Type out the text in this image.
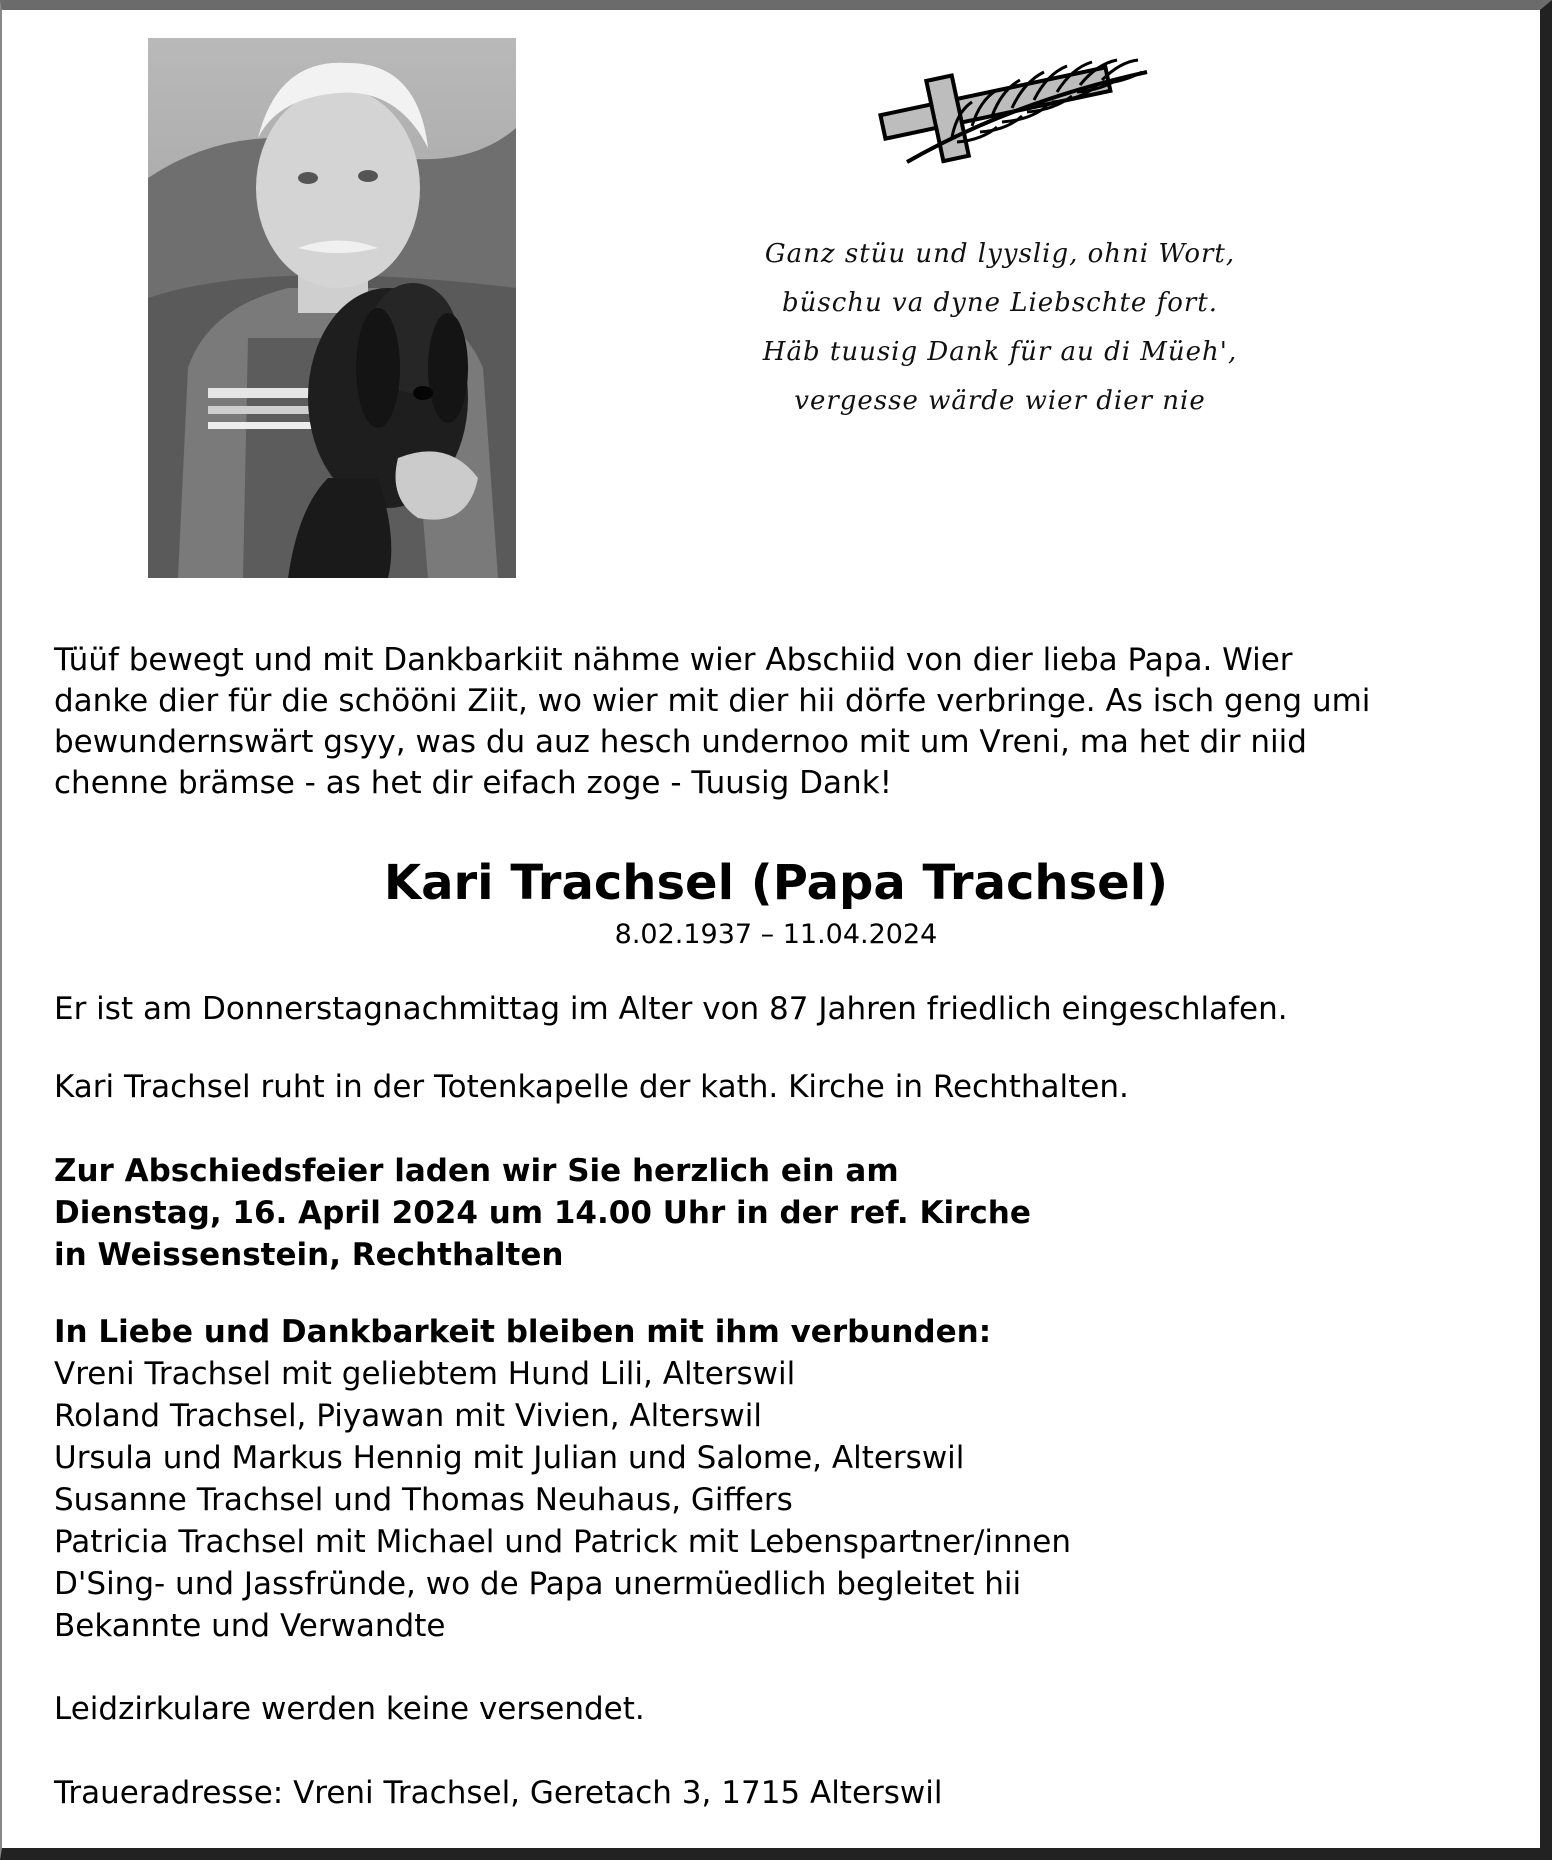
Ganz stüu und lyyslig, ohni Wort,
büschu va dyne Liebschte fort.
Häb tuusig Dank für au di Müeh',
vergesse wärde wier dier nie
Tüüf bewegt und mit Dankbarkiit nähme wier Abschiid von dier lieba Papa. Wier
danke dier für die schööni Ziit, wo wier mit dier hii dörfe verbringe. As isch geng umi
bewundernswärt gsyy, was du auz hesch undernoo mit um Vreni, ma het dir niid
chenne brämse - as het dir eifach zoge - Tuusig Dank!
Kari Trachsel (Papa Trachsel)
8.02.1937 – 11.04.2024
Er ist am Donnerstagnachmittag im Alter von 87 Jahren friedlich eingeschlafen.
Kari Trachsel ruht in der Totenkapelle der kath. Kirche in Rechthalten.
Zur Abschiedsfeier laden wir Sie herzlich ein am
Dienstag, 16. April 2024 um 14.00 Uhr in der ref. Kirche
in Weissenstein, Rechthalten
In Liebe und Dankbarkeit bleiben mit ihm verbunden:
Vreni Trachsel mit geliebtem Hund Lili, Alterswil
Roland Trachsel, Piyawan mit Vivien, Alterswil
Ursula und Markus Hennig mit Julian und Salome, Alterswil
Susanne Trachsel und Thomas Neuhaus, Giffers
Patricia Trachsel mit Michael und Patrick mit Lebenspartner/innen
D'Sing- und Jassfründe, wo de Papa unermüedlich begleitet hii
Bekannte und Verwandte
Leidzirkulare werden keine versendet.
Traueradresse: Vreni Trachsel, Geretach 3, 1715 Alterswil
